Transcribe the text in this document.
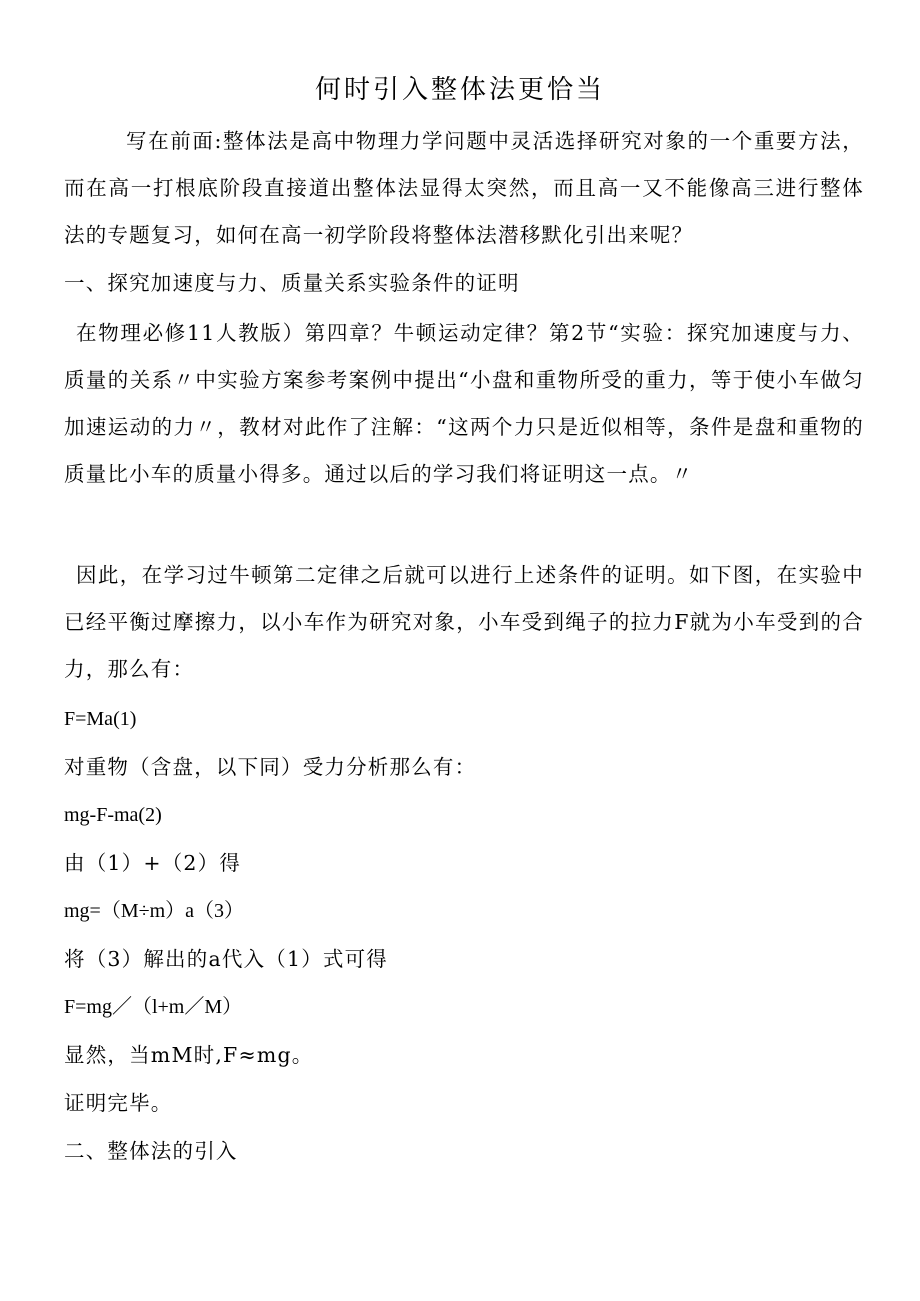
何时引入整体法更恰当

写在前面:整体法是高中物理力学问题中灵活选择研究对象的一个重要方法，而在高一打根底阶段直接道出整体法显得太突然，而且高一又不能像高三进行整体法的专题复习，如何在高一初学阶段将整体法潜移默化引出来呢？

一、探究加速度与力、质量关系实验条件的证明

在物理必修11人教版）第四章？牛顿运动定律？第2节“实验：探究加速度与力、质量的关系〃中实验方案参考案例中提出“小盘和重物所受的重力，等于使小车做匀加速运动的力〃，教材对此作了注解：“这两个力只是近似相等，条件是盘和重物的质量比小车的质量小得多。通过以后的学习我们将证明这一点。〃

因此，在学习过牛顿第二定律之后就可以进行上述条件的证明。如下图，在实验中已经平衡过摩擦力，以小车作为研究对象，小车受到绳子的拉力F就为小车受到的合力，那么有：

F=Ma(1)
对重物（含盘，以下同）受力分析那么有：
mg-F-ma(2)
由（1）+（2）得
mg=（M÷m）a（3）
将（3）解出的a代入（1）式可得
F=mg／（l+m／M）
显然，当mM时,F≈mg。
证明完毕。
二、整体法的引入
